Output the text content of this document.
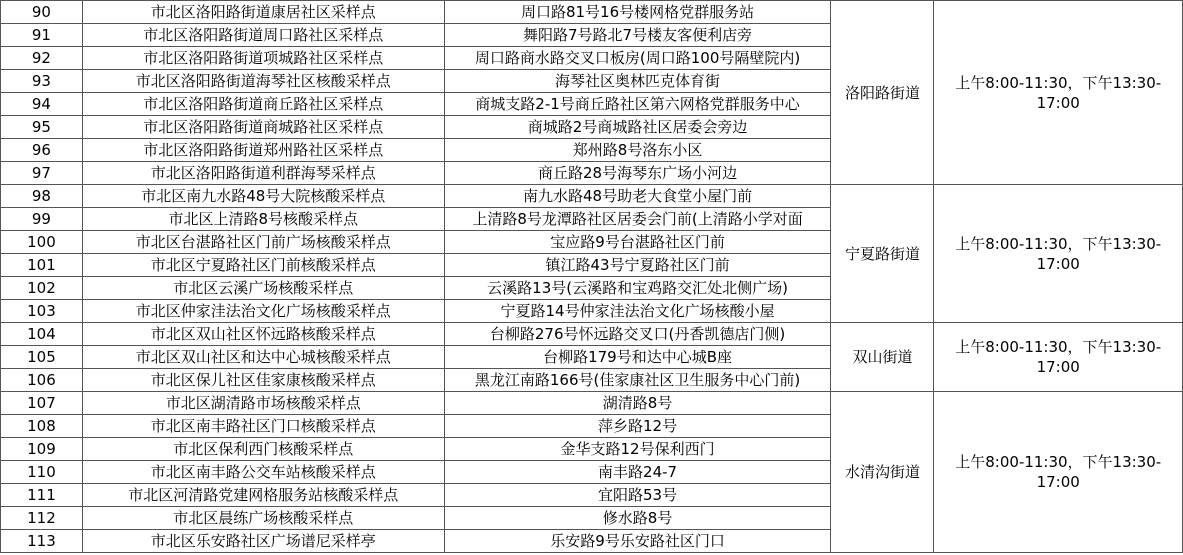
90	市北区洛阳路街道康居社区采样点	周口路81号16号楼网格党群服务站	洛阳路街道	上午8:00-11:30，下午13:30-17:00
91	市北区洛阳路街道周口路社区采样点	舞阳路7号路北7号楼友客便利店旁		
92	市北区洛阳路街道项城路社区采样点	周口路商水路交叉口板房(周口路100号隔壁院内)		
93	市北区洛阳路街道海琴社区核酸采样点	海琴社区奥林匹克体育街		
94	市北区洛阳路街道商丘路社区采样点	商城支路2-1号商丘路社区第六网格党群服务中心		
95	市北区洛阳路街道商城路社区采样点	商城路2号商城路社区居委会旁边		
96	市北区洛阳路街道郑州路社区采样点	郑州路8号洛东小区		
97	市北区洛阳路街道利群海琴采样点	商丘路28号海琴东广场小河边		
98	市北区南九水路48号大院核酸采样点	南九水路48号助老大食堂小屋门前	宁夏路街道	上午8:00-11:30，下午13:30-17:00
99	市北区上清路8号核酸采样点	上清路8号龙潭路社区居委会门前(上清路小学对面		
100	市北区台湛路社区门前广场核酸采样点	宝应路9号台湛路社区门前		
101	市北区宁夏路社区门前核酸采样点	镇江路43号宁夏路社区门前		
102	市北区云溪广场核酸采样点	云溪路13号(云溪路和宝鸡路交汇处北侧广场)		
103	市北区仲家洼法治文化广场核酸采样点	宁夏路14号仲家洼法治文化广场核酸小屋		
104	市北区双山社区怀远路核酸采样点	台柳路276号怀远路交叉口(丹香凯德店门侧)	双山街道	上午8:00-11:30，下午13:30-17:00
105	市北区双山社区和达中心城核酸采样点	台柳路179号和达中心城B座		
106	市北区保儿社区佳家康核酸采样点	黑龙江南路166号(佳家康社区卫生服务中心门前)		
107	市北区湖清路市场核酸采样点	湖清路8号	水清沟街道	上午8:00-11:30，下午13:30-17:00
108	市北区南丰路社区门口核酸采样点	萍乡路12号		
109	市北区保利西门核酸采样点	金华支路12号保利西门		
110	市北区南丰路公交车站核酸采样点	南丰路24-7		
111	市北区河清路党建网格服务站核酸采样点	宜阳路53号		
112	市北区晨练广场核酸采样点	修水路8号		
113	市北区乐安路社区广场谱尼采样亭	乐安路9号乐安路社区门口		
